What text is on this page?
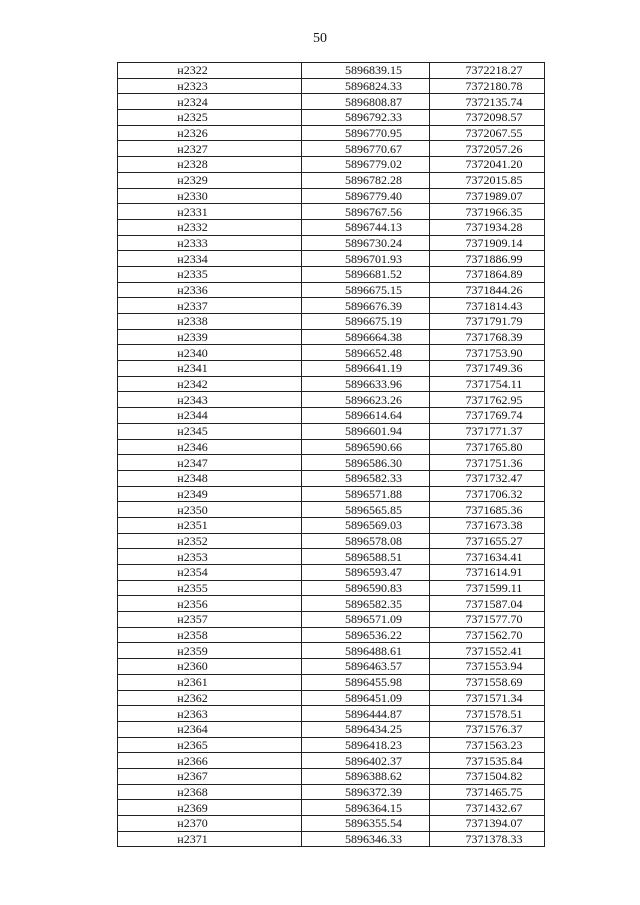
50
н2322	5896839.15	7372218.27
н2323	5896824.33	7372180.78
н2324	5896808.87	7372135.74
н2325	5896792.33	7372098.57
н2326	5896770.95	7372067.55
н2327	5896770.67	7372057.26
н2328	5896779.02	7372041.20
н2329	5896782.28	7372015.85
н2330	5896779.40	7371989.07
н2331	5896767.56	7371966.35
н2332	5896744.13	7371934.28
н2333	5896730.24	7371909.14
н2334	5896701.93	7371886.99
н2335	5896681.52	7371864.89
н2336	5896675.15	7371844.26
н2337	5896676.39	7371814.43
н2338	5896675.19	7371791.79
н2339	5896664.38	7371768.39
н2340	5896652.48	7371753.90
н2341	5896641.19	7371749.36
н2342	5896633.96	7371754.11
н2343	5896623.26	7371762.95
н2344	5896614.64	7371769.74
н2345	5896601.94	7371771.37
н2346	5896590.66	7371765.80
н2347	5896586.30	7371751.36
н2348	5896582.33	7371732.47
н2349	5896571.88	7371706.32
н2350	5896565.85	7371685.36
н2351	5896569.03	7371673.38
н2352	5896578.08	7371655.27
н2353	5896588.51	7371634.41
н2354	5896593.47	7371614.91
н2355	5896590.83	7371599.11
н2356	5896582.35	7371587.04
н2357	5896571.09	7371577.70
н2358	5896536.22	7371562.70
н2359	5896488.61	7371552.41
н2360	5896463.57	7371553.94
н2361	5896455.98	7371558.69
н2362	5896451.09	7371571.34
н2363	5896444.87	7371578.51
н2364	5896434.25	7371576.37
н2365	5896418.23	7371563.23
н2366	5896402.37	7371535.84
н2367	5896388.62	7371504.82
н2368	5896372.39	7371465.75
н2369	5896364.15	7371432.67
н2370	5896355.54	7371394.07
н2371	5896346.33	7371378.33
